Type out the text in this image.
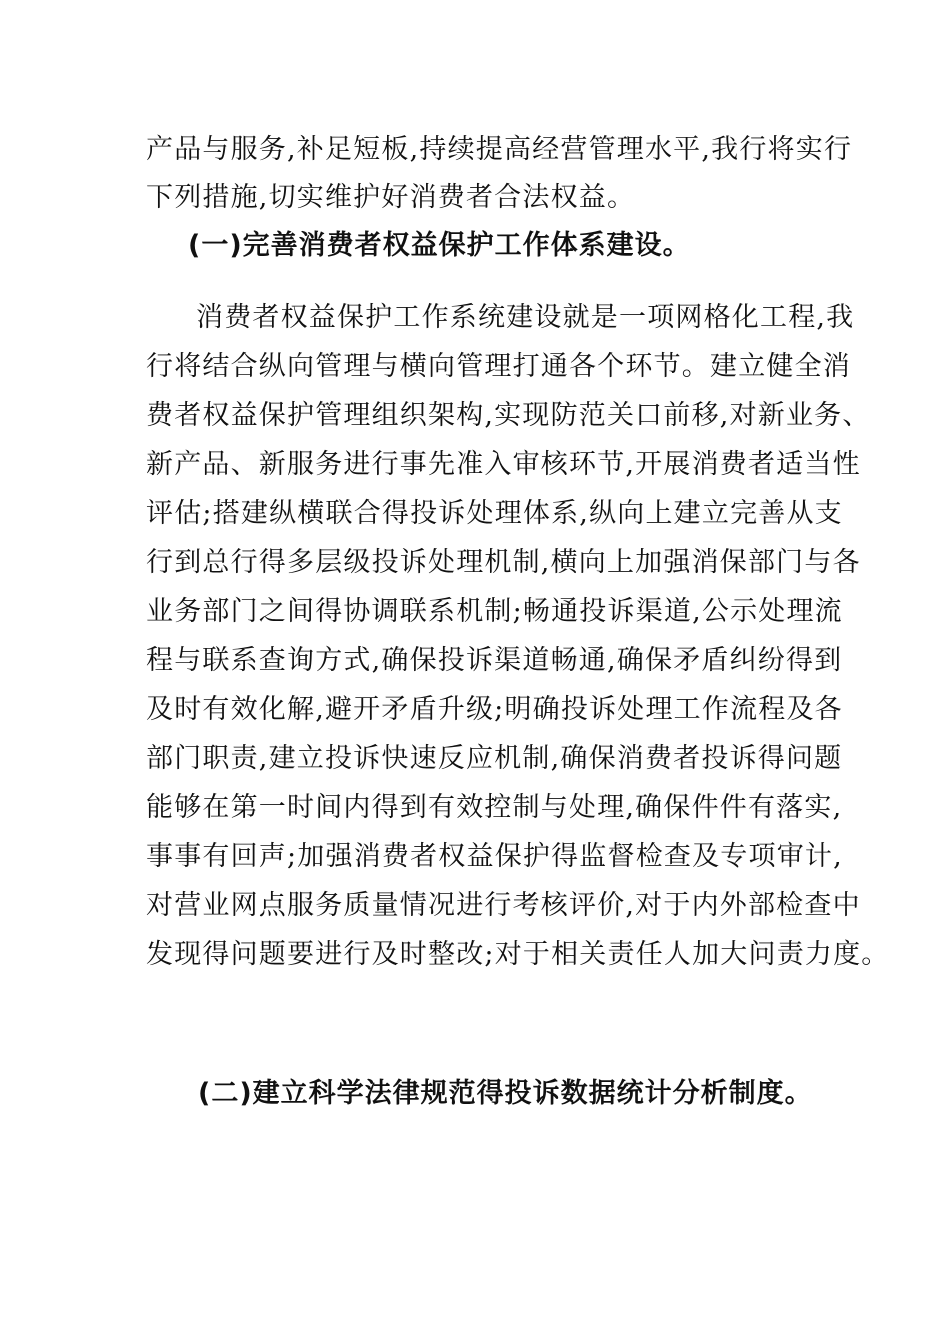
产品与服务,补足短板,持续提高经营管理水平,我行将实行
下列措施,切实维护好消费者合法权益。
(一)完善消费者权益保护工作体系建设。
消费者权益保护工作系统建设就是一项网格化工程,我
行将结合纵向管理与横向管理打通各个环节。建立健全消
费者权益保护管理组织架构,实现防范关口前移,对新业务、
新产品、新服务进行事先准入审核环节,开展消费者适当性
评估;搭建纵横联合得投诉处理体系,纵向上建立完善从支
行到总行得多层级投诉处理机制,横向上加强消保部门与各
业务部门之间得协调联系机制;畅通投诉渠道,公示处理流
程与联系查询方式,确保投诉渠道畅通,确保矛盾纠纷得到
及时有效化解,避开矛盾升级;明确投诉处理工作流程及各
部门职责,建立投诉快速反应机制,确保消费者投诉得问题
能够在第一时间内得到有效控制与处理,确保件件有落实,
事事有回声;加强消费者权益保护得监督检查及专项审计,
对营业网点服务质量情况进行考核评价,对于内外部检查中
发现得问题要进行及时整改;对于相关责任人加大问责力度。
(二)建立科学法律规范得投诉数据统计分析制度。
